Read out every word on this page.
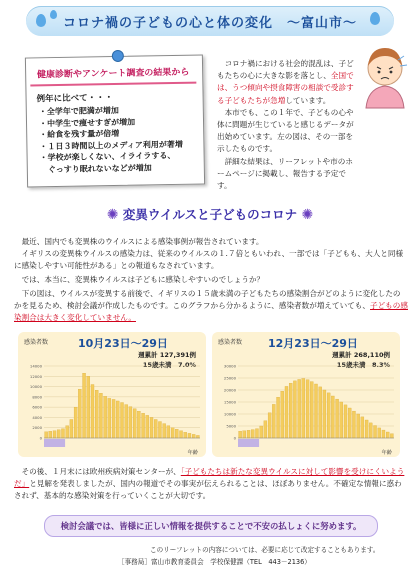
コロナ禍の子どもの心と体の変化　～富山市～
健康診断やアンケート調査の結果から
例年に比べて・・・
・全学年で肥満が増加
・中学生で痩せすぎが増加
・給食を残す量が倍増
・１日３時間以上のメディア利用が著増
・学校が楽しくない、イライラする、
　ぐっすり眠れないなどが増加
　コロナ禍における社会的混乱は、子どもたちの心に大きな影を落とし、全国では、うつ傾向や摂食障害の相談で受診する子どもたちが急増しています。
　本市でも、この１年で、子どもの心や体に問題が生じていると感じるデータが出始めています。左の図は、その一部を示したものです。
　詳細な結果は、リーフレットや市のホームページに掲載し、報告する予定です。
✺ 変異ウイルスと子どものコロナ ✺
　最近、国内でも変異株のウイルスによる感染事例が報告されています。
　イギリスの変異株ウイルスの感染力は、従来のウイルスの１.７倍ともいわれ、一部では「子どもも、大人と同様に感染しやすい可能性がある」との報道もなされています。
　では、本当に、変異株ウイルスは子どもに感染しやすいのでしょうか？
　下の図は、ウイルスが変異する前後で、イギリスの１５歳未満の子どもたちの感染割合がどのように変化したのかを見るため、検討会議が作成したものです。このグラフから分かるように、感染者数が増えていても、子どもの感染割合は大きく変化していません。
感染者数	10月23日～29日
週累計 127,391例
15歳未満　7.0%
0
2000
4000
6000
8000
10000
12000
14000
年齢
感染者数 12月23日～29日
週累計 268,110例
15歳未満　8.3%
0
5000
10000
15000
20000
25000
30000
年齢
　その後、１月末には欧州疾病対策センターが、「子どもたちは新たな変異ウイルスに対して影響を受けにくいようだ」と見解を発表しましたが、国内の報道でその事実が伝えられることは、ほぼありません。不確定な情報に惑わされず、基本的な感染対策を行っていくことが大切です。
検討会議では、皆様に正しい情報を提供することで不安の払しょくに努めます。
このリーフレットの内容については、必要に応じて改定することもあります。
［事務局］富山市教育委員会　学校保健課（TEL　443－2136）
